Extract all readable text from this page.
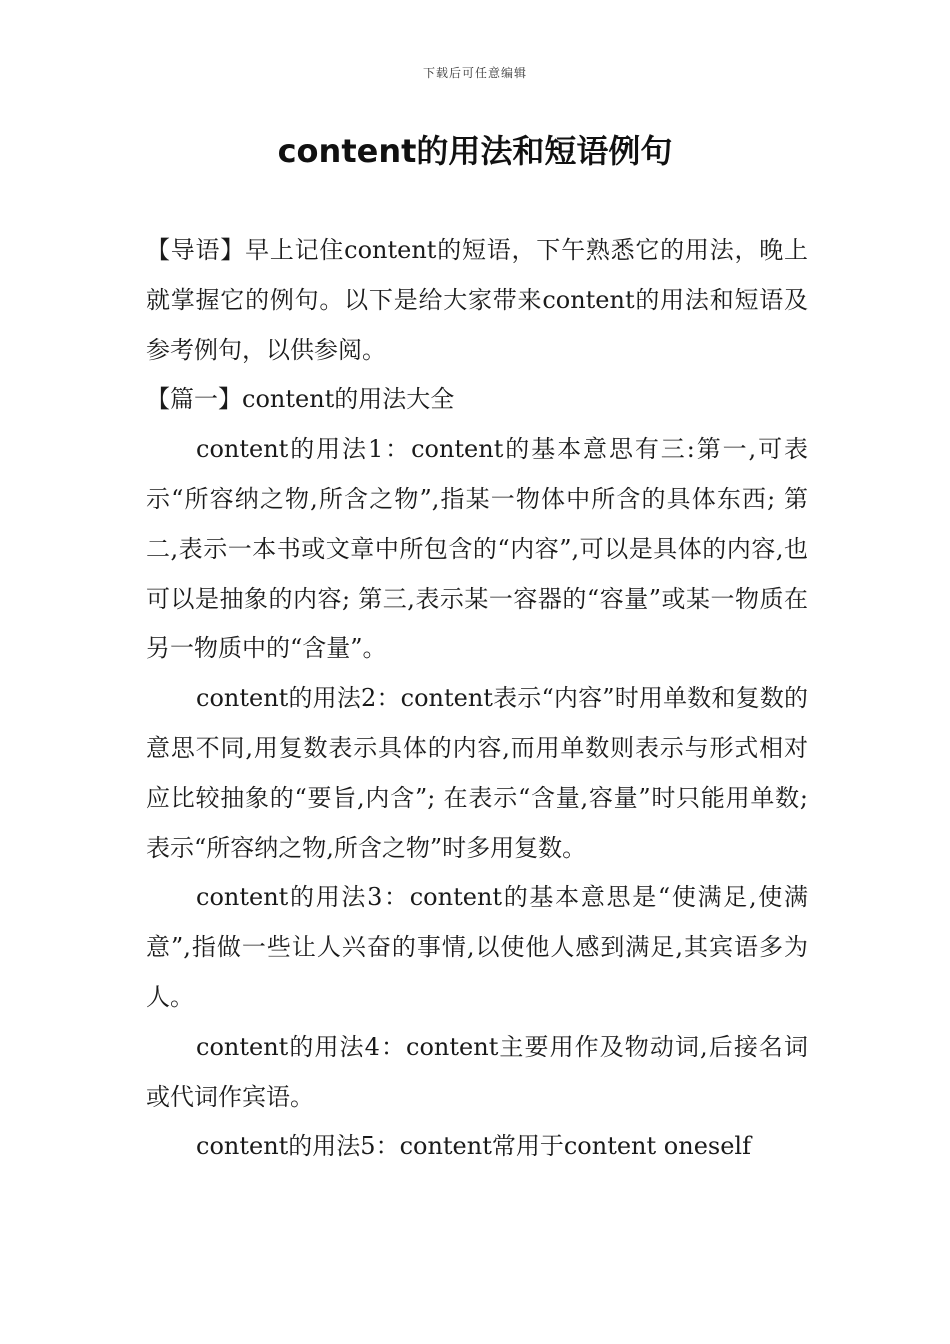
下载后可任意编辑
content的用法和短语例句

【导语】早上记住content的短语，下午熟悉它的用法，晚上就掌握它的例句。以下是给大家带来content的用法和短语及参考例句，以供参阅。

【篇一】content的用法大全

content的用法1：content的基本意思有三:第一,可表示“所容纳之物,所含之物”,指某一物体中所含的具体东西; 第二,表示一本书或文章中所包含的“内容”,可以是具体的内容,也可以是抽象的内容; 第三,表示某一容器的“容量”或某一物质在另一物质中的“含量”。

content的用法2：content表示“内容”时用单数和复数的意思不同,用复数表示具体的内容,而用单数则表示与形式相对应比较抽象的“要旨,内含”; 在表示“含量,容量”时只能用单数; 表示“所容纳之物,所含之物”时多用复数。

content的用法3：content的基本意思是“使满足,使满意”,指做一些让人兴奋的事情,以使他人感到满足,其宾语多为人。

content的用法4：content主要用作及物动词,后接名词或代词作宾语。

content的用法5：content常用于content oneself
